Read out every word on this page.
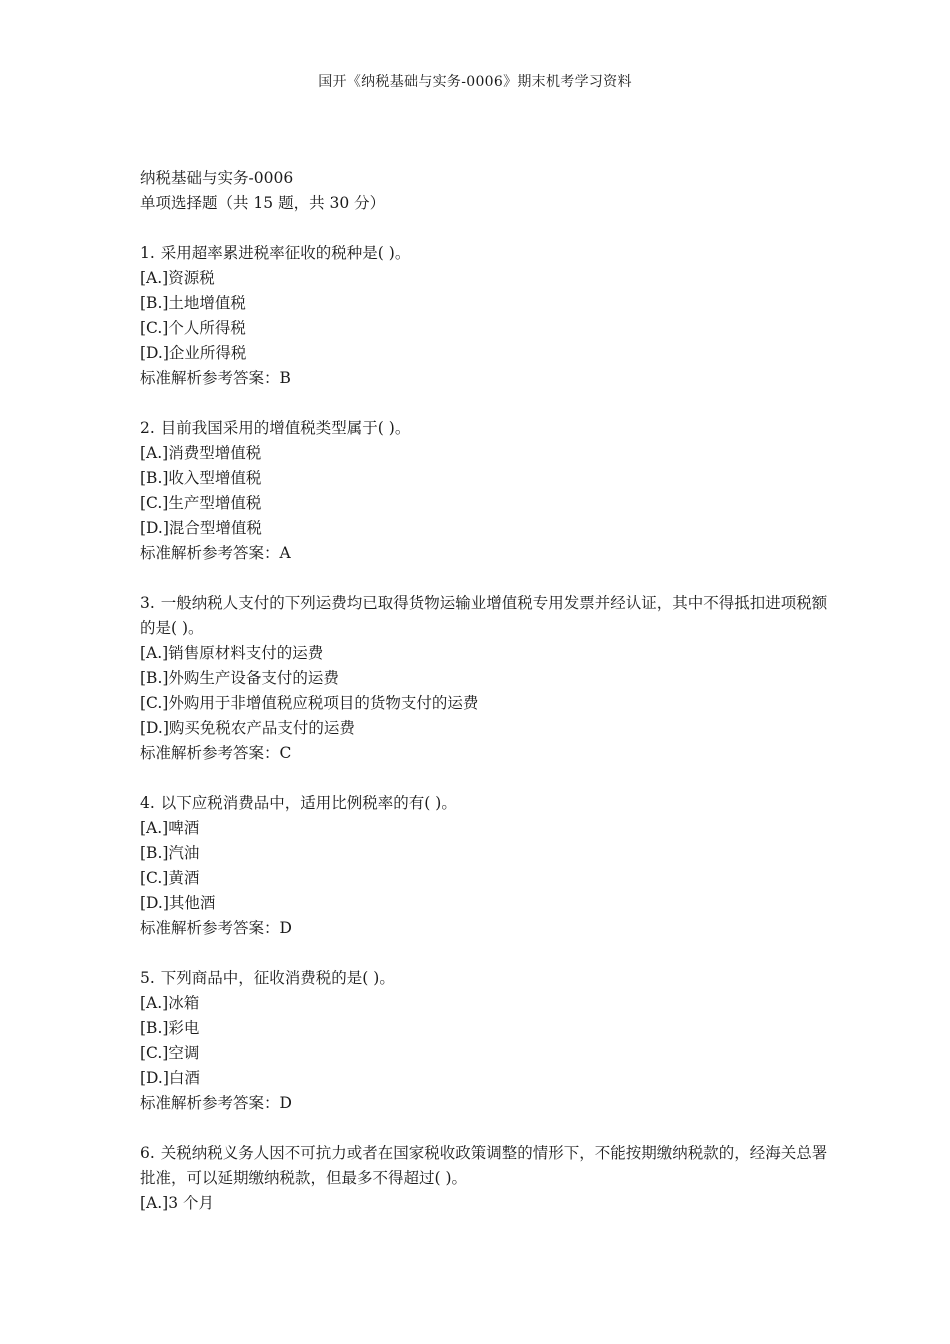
国开《纳税基础与实务-0006》期末机考学习资料

纳税基础与实务-0006

单项选择题（共 15 题，共 30 分）

1. 采用超率累进税率征收的税种是( )。

[A.]资源税

[B.]土地增值税

[C.]个人所得税

[D.]企业所得税

标准解析参考答案：B

2. 目前我国采用的增值税类型属于( )。

[A.]消费型增值税

[B.]收入型增值税

[C.]生产型增值税

[D.]混合型增值税

标准解析参考答案：A

3. 一般纳税人支付的下列运费均已取得货物运输业增值税专用发票并经认证，其中不得抵扣进项税额的是( )。

[A.]销售原材料支付的运费

[B.]外购生产设备支付的运费

[C.]外购用于非增值税应税项目的货物支付的运费

[D.]购买免税农产品支付的运费

标准解析参考答案：C

4. 以下应税消费品中，适用比例税率的有( )。

[A.]啤酒

[B.]汽油

[C.]黄酒

[D.]其他酒

标准解析参考答案：D

5. 下列商品中，征收消费税的是( )。

[A.]冰箱

[B.]彩电

[C.]空调

[D.]白酒

标准解析参考答案：D

6. 关税纳税义务人因不可抗力或者在国家税收政策调整的情形下，不能按期缴纳税款的，经海关总署批准，可以延期缴纳税款，但最多不得超过( )。

[A.]3 个月
